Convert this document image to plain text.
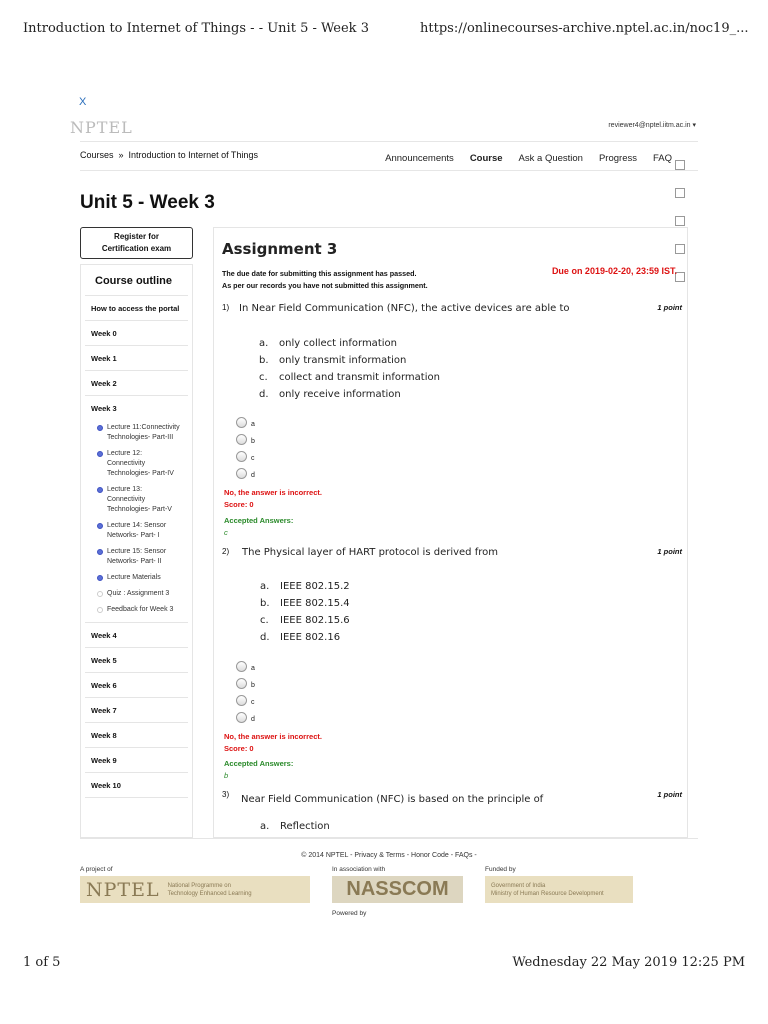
Introduction to Internet of Things - - Unit 5 - Week 3	https://onlinecourses-archive.nptel.ac.in/noc19_...
X
NPTEL	reviewer4@nptel.iitm.ac.in ▾
Courses » Introduction to Internet of Things	Announcements Course Ask a Question Progress FAQ
Unit 5 - Week 3
Register for
Certification exam
Course outline
How to access the portal
Week 0
Week 1
Week 2
Week 3
Lecture 11:Connectivity Technologies- Part-III
Lecture 12: Connectivity Technologies- Part-IV
Lecture 13: Connectivity Technologies- Part-V
Lecture 14: Sensor Networks- Part- I
Lecture 15: Sensor Networks- Part- II
Lecture Materials
Quiz : Assignment 3
Feedback for Week 3
Week 4
Week 5
Week 6
Week 7
Week 8
Week 9
Week 10
Assignment 3
The due date for submitting this assignment has passed.
As per our records you have not submitted this assignment.
Due on 2019-02-20, 23:59 IST.
1) In Near Field Communication (NFC), the active devices are able to	1 point
a. only collect information
b. only transmit information
c. collect and transmit information
d. only receive information
a
b
c
d
No, the answer is incorrect.
Score: 0
Accepted Answers:
c
2) The Physical layer of HART protocol is derived from	1 point
a. IEEE 802.15.2
b. IEEE 802.15.4
c. IEEE 802.15.6
d. IEEE 802.16
a
b
c
d
No, the answer is incorrect.
Score: 0
Accepted Answers:
b
3) Near Field Communication (NFC) is based on the principle of	1 point
a. Reflection
© 2014 NPTEL - Privacy & Terms - Honor Code - FAQs -
A project of
NPTEL National Programme on
Technology Enhanced Learning
In association with
NASSCOM
Funded by
Government of India
Ministry of Human Resource Development
Powered by
1 of 5	Wednesday 22 May 2019 12:25 PM
